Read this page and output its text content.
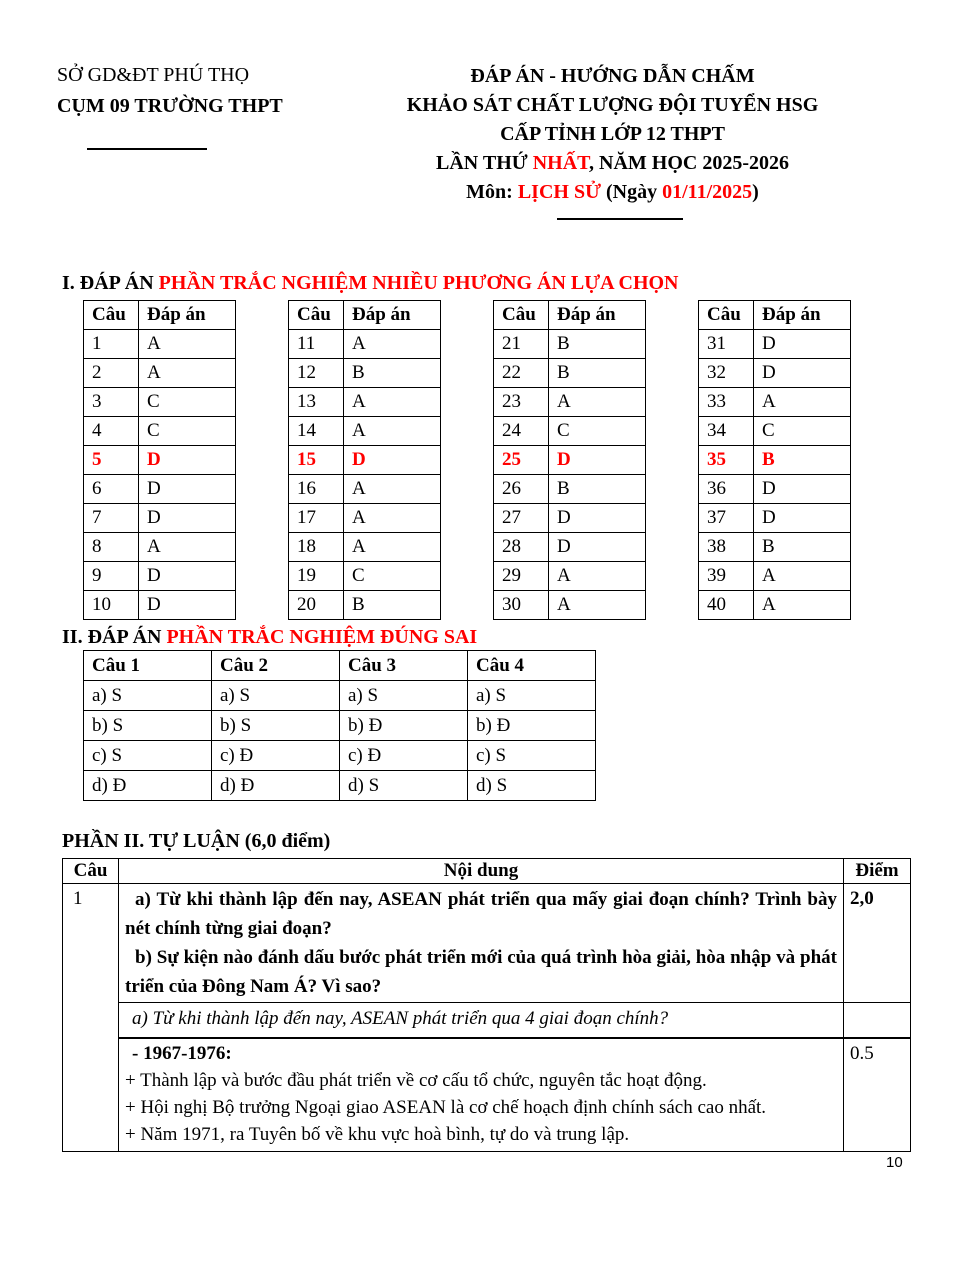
SỞ GD&ĐT PHÚ THỌ
CỤM 09 TRƯỜNG THPT
ĐÁP ÁN - HƯỚNG DẪN CHẤM
KHẢO SÁT CHẤT LƯỢNG ĐỘI TUYỂN HSG
CẤP TỈNH LỚP 12 THPT
LẦN THỨ NHẤT, NĂM HỌC 2025-2026
Môn: LỊCH SỬ (Ngày 01/11/2025)
I. ĐÁP ÁN PHẦN TRẮC NGHIỆM NHIỀU PHƯƠNG ÁN LỰA CHỌN
Câu	Đáp án
1	A
2	A
3	C
4	C
5	D
6	D
7	D
8	A
9	D
10	D
Câu	Đáp án
11	A
12	B
13	A
14	A
15	D
16	A
17	A
18	A
19	C
20	B
Câu	Đáp án
21	B
22	B
23	A
24	C
25	D
26	B
27	D
28	D
29	A
30	A
Câu	Đáp án
31	D
32	D
33	A
34	C
35	B
36	D
37	D
38	B
39	A
40	A
II. ĐÁP ÁN PHẦN TRẮC NGHIỆM ĐÚNG SAI
Câu 1	Câu 2	Câu 3	Câu 4
a) S	a) S	a) S	a) S
b) S	b) S	b) Đ	b) Đ
c) S	c) Đ	c) Đ	c) S
d) Đ	d) Đ	d) S	d) S
PHẦN II. TỰ LUẬN (6,0 điểm)
Câu	Nội dung	Điểm
1	a) Từ khi thành lập đến nay, ASEAN phát triển qua mấy giai đoạn chính? Trình bày nét chính từng giai đoạn?

b) Sự kiện nào đánh dấu bước phát triển mới của quá trình hòa giải, hòa nhập và phát triển của Đông Nam Á? Vì sao?	2,0
	a) Từ khi thành lập đến nay, ASEAN phát triển qua 4 giai đoạn chính?	

	- 1967-1976:

+ Thành lập và bước đầu phát triển về cơ cấu tổ chức, nguyên tắc hoạt động.

+ Hội nghị Bộ trưởng Ngoại giao ASEAN là cơ chế hoạch định chính sách cao nhất.

+ Năm 1971, ra Tuyên bố về khu vực hoà bình, tự do và trung lập.	0.5
10
